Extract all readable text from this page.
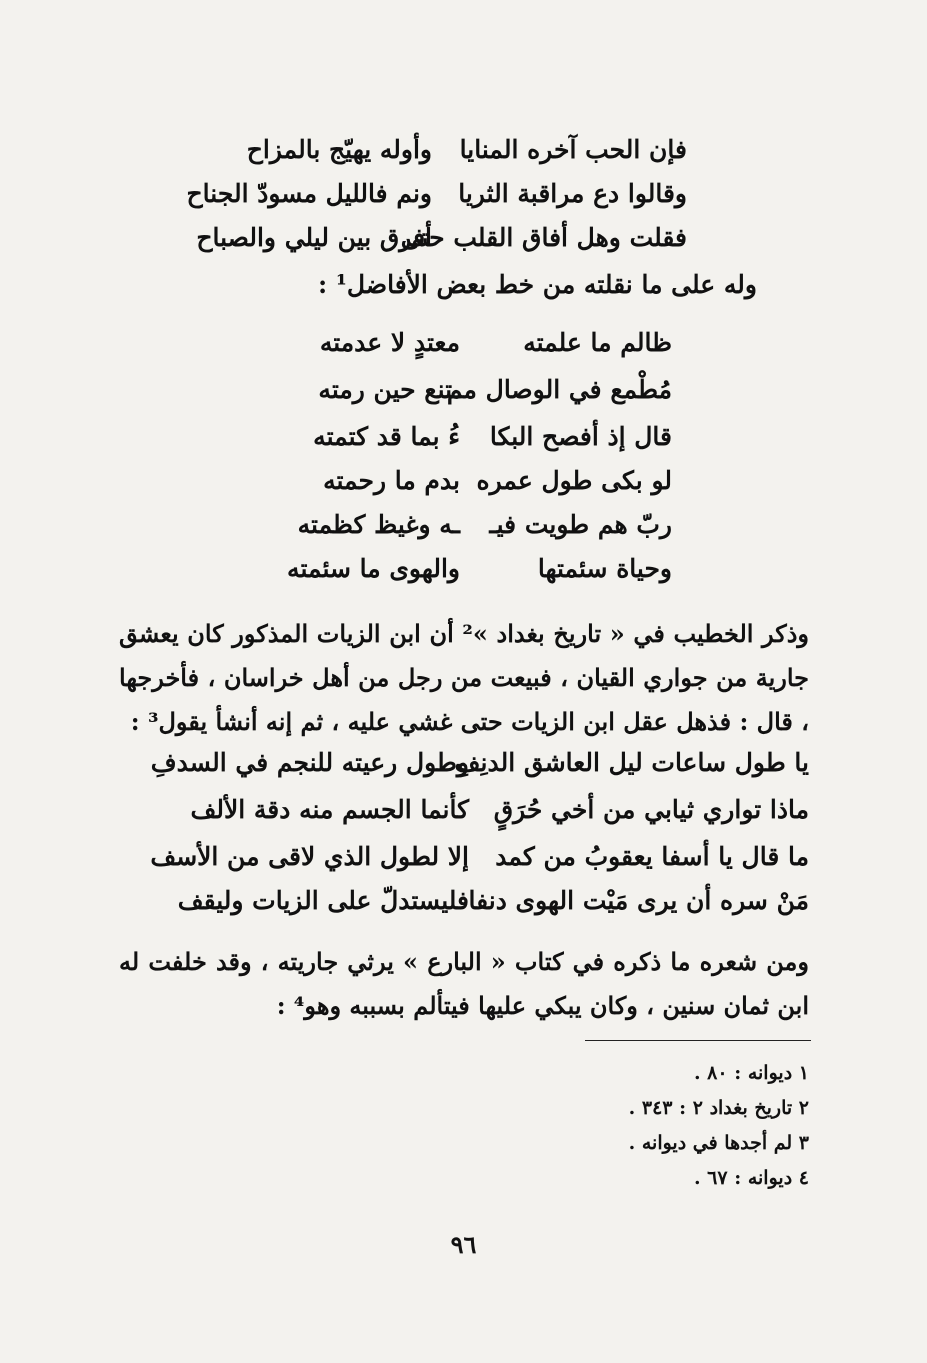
فإن الحب آخره المنايا
وأوله يهيّج بالمزاح
وقالوا دع مراقبة الثريا
ونم فالليل مسودّ الجناح
فقلت وهل أفاق القلب حتى
أفرق بين ليلي والصباح
وله على ما نقلته من خط بعض الأفاضل¹ :
ظالم ما علمته
معتدٍ لا عدمته
مُطْمع في الوصال مم
ـتنع حين رمته
قال إذ أفصح البكا
ءُ بما قد كتمته
لو بكى طول عمره
بدم ما رحمته
ربّ هم طويت فيـ
ـه وغيظ كظمته
وحياة سئمتها
والهوى ما سئمته

وذكر الخطيب في « تاريخ بغداد »² أن ابن الزيات المذكور كان يعشق جارية من جواري القيان ، فبيعت من رجل من أهل خراسان ، فأخرجها ، قال : فذهل عقل ابن الزيات حتى غشي عليه ، ثم إنه أنشأ يقول³ :

يا طول ساعات ليل العاشق الدنِفِ
وطول رعيته للنجم في السدفِ
ماذا تواري ثيابي من أخي حُرَقٍ
كأنما الجسم منه دقة الألف
ما قال يا أسفا يعقوبُ من كمد
إلا لطول الذي لاقى من الأسف
مَنْ سره أن يرى مَيْت الهوى دنفا
فليستدلّ على الزيات وليقف

ومن شعره ما ذكره في كتاب « البارع » يرثي جاريته ، وقد خلفت له ابن ثمان سنين ، وكان يبكي عليها فيتألم بسببه وهو⁴ :

١ ديوانه : ٨٠ .
٢ تاريخ بغداد ٢ : ٣٤٣ .
٣ لم أجدها في ديوانه .
٤ ديوانه : ٦٧ .
٩٦
